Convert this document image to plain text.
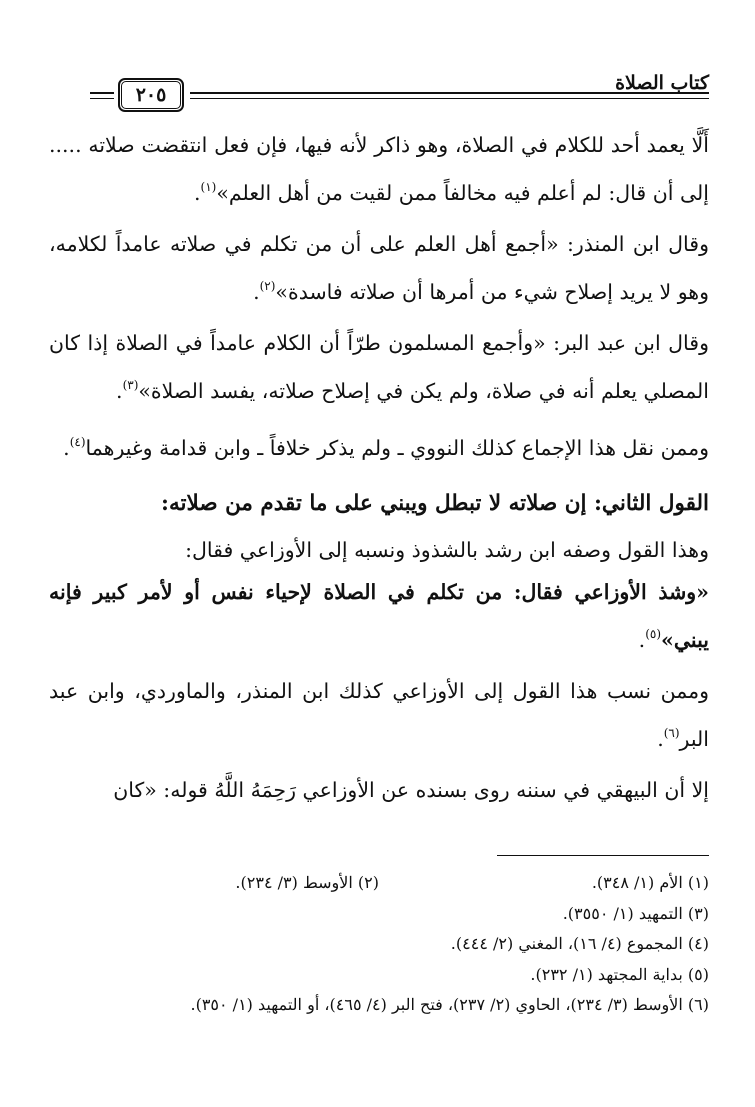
كتاب الصلاة
٢٠٥

أَلَّا يعمد أحد للكلام في الصلاة، وهو ذاكر لأنه فيها، فإن فعل انتقضت صلاته ..... إلى أن قال: لم أعلم فيه مخالفاً ممن لقيت من أهل العلم»$^{(١)}$.

وقال ابن المنذر: «أجمع أهل العلم على أن من تكلم في صلاته عامداً لكلامه، وهو لا يريد إصلاح شيء من أمرها أن صلاته فاسدة»$^{(٢)}$.

وقال ابن عبد البر: «وأجمع المسلمون طرّاً أن الكلام عامداً في الصلاة إذا كان المصلي يعلم أنه في صلاة، ولم يكن في إصلاح صلاته، يفسد الصلاة»$^{(٣)}$.

وممن نقل هذا الإجماع كذلك النووي ـ ولم يذكر خلافاً ـ وابن قدامة وغيرهما$^{(٤)}$.

القول الثاني: إن صلاته لا تبطل ويبني على ما تقدم من صلاته:

وهذا القول وصفه ابن رشد بالشذوذ ونسبه إلى الأوزاعي فقال:
«وشذ الأوزاعي فقال: من تكلم في الصلاة لإحياء نفس أو لأمر كبير فإنه يبني»$^{(٥)}$.

وممن نسب هذا القول إلى الأوزاعي كذلك ابن المنذر، والماوردي، وابن عبد البر$^{(٦)}$.

إلا أن البيهقي في سننه روى بسنده عن الأوزاعي رَحِمَهُ اللَّهُ قوله: «كان

(١) الأم (١/ ٣٤٨).

(٢) الأوسط (٣/ ٢٣٤).

(٣) التمهيد (١/ ٣٥٥٠).

(٤) المجموع (٤/ ١٦)، المغني (٢/ ٤٤٤).

(٥) بداية المجتهد (١/ ٢٣٢).

(٦) الأوسط (٣/ ٢٣٤)، الحاوي (٢/ ٢٣٧)، فتح البر (٤/ ٤٦٥)، أو التمهيد (١/ ٣٥٠).
